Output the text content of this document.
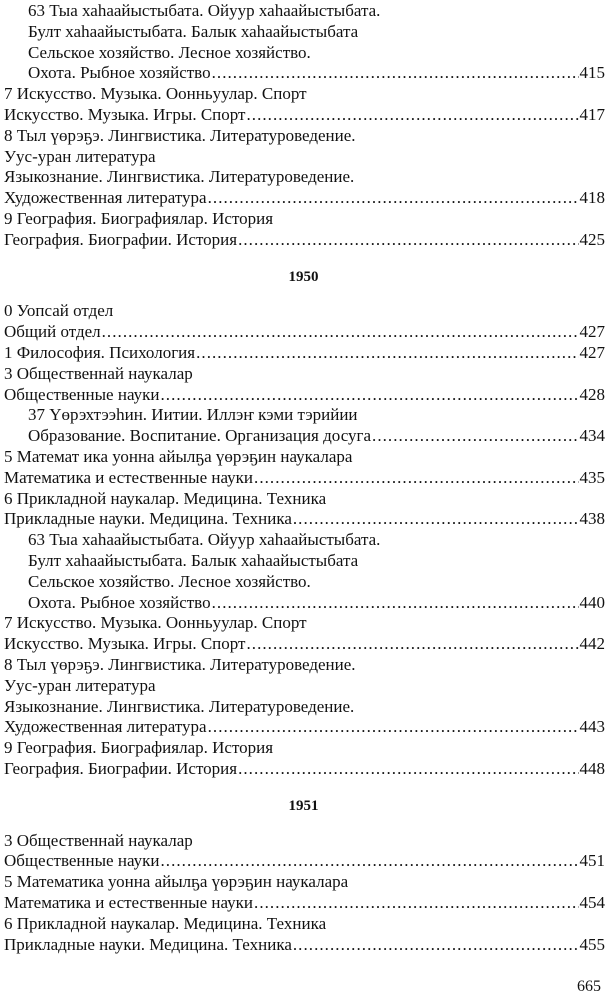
63 Тыа хаhаайыстыбата. Ойуур хаhаайыстыбата.
Булт хаhаайыстыбата. Балык хаhаайыстыбата
Сельское хозяйство. Лесное хозяйство.
Охота. Рыбное хозяйство . . .	415
7 Искусство. Музыка. Оонньуулар. Спорт
Искусство. Музыка. Игры. Спорт . . .	417
8 Тыл үөрэҕэ. Лингвистика. Литературоведение.
Уус-уран литература
Языкознание. Лингвистика. Литературоведение.
Художественная литература . . .	418
9 География. Биографиялар. История
География. Биографии. История . . .	425
1950
0 Уопсай отдел
Общий отдел . . .	427
1 Философия. Психология . . .	427
3 Общественнай наукалар
Общественные науки . . .	428
37 Үөрэхтээhин. Иитии. Иллэҥ кэми тэрийии
Образование. Воспитание. Организация досуга . . .	434
5 Математ ика уонна айылҕа үөрэҕин наукалара
Математика и естественные науки . . .	435
6 Прикладной наукалар. Медицина. Техника
Прикладные науки. Медицина. Техника . . .	438
63 Тыа хаhаайыстыбата. Ойуур хаhаайыстыбата.
Булт хаhаайыстыбата. Балык хаhаайыстыбата
Сельское хозяйство. Лесное хозяйство.
Охота. Рыбное хозяйство . . .	440
7 Искусство. Музыка. Оонньуулар. Спорт
Искусство. Музыка. Игры. Спорт . . .	442
8 Тыл үөрэҕэ. Лингвистика. Литературоведение.
Уус-уран литература
Языкознание. Лингвистика. Литературоведение.
Художественная литература . . .	443
9 География. Биографиялар. История
География. Биографии. История . . .	448
1951
3 Общественнай наукалар
Общественные науки . . .	451
5 Математика уонна айылҕа үөрэҕин наукалара
Математика и естественные науки . . .	454
6 Прикладной наукалар. Медицина. Техника
Прикладные науки. Медицина. Техника . . .	455
665
